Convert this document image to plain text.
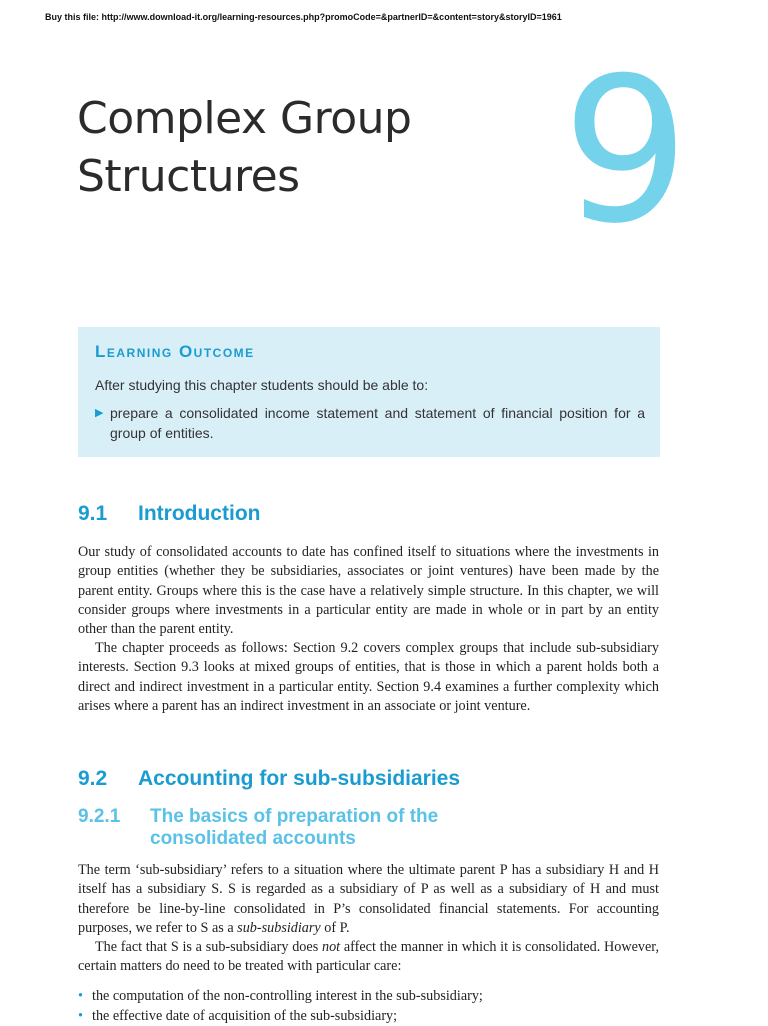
Buy this file: http://www.download-it.org/learning-resources.php?promoCode=&partnerID=&content=story&storyID=1961
Complex Group
Structures	9
Learning Outcome
After studying this chapter students should be able to:
▶ prepare a consolidated income statement and statement of financial position for a group of entities.
9.1 Introduction

Our study of consolidated accounts to date has confined itself to situations where the investments in group entities (whether they be subsidiaries, associates or joint ventures) have been made by the parent entity. Groups where this is the case have a relatively simple structure. In this chapter, we will consider groups where investments in a particular entity are made in whole or in part by an entity other than the parent entity.

The chapter proceeds as follows: Section 9.2 covers complex groups that include sub-subsidiary interests. Section 9.3 looks at mixed groups of entities, that is those in which a parent holds both a direct and indirect investment in a particular entity. Section 9.4 examines a further complexity which arises where a parent has an indirect investment in an associate or joint venture.

9.2 Accounting for sub-subsidiaries
9.2.1	The basics of preparation of the
consolidated accounts

The term ‘sub-subsidiary’ refers to a situation where the ultimate parent P has a subsidiary H and H itself has a subsidiary S. S is regarded as a subsidiary of P as well as a subsidiary of H and must therefore be line-by-line consolidated in P’s consolidated financial statements. For accounting purposes, we refer to S as a sub-subsidiary of P.

The fact that S is a sub-subsidiary does not affect the manner in which it is consolidated. However, certain matters do need to be treated with particular care:

• the computation of the non-controlling interest in the sub-subsidiary;
• the effective date of acquisition of the sub-subsidiary;
